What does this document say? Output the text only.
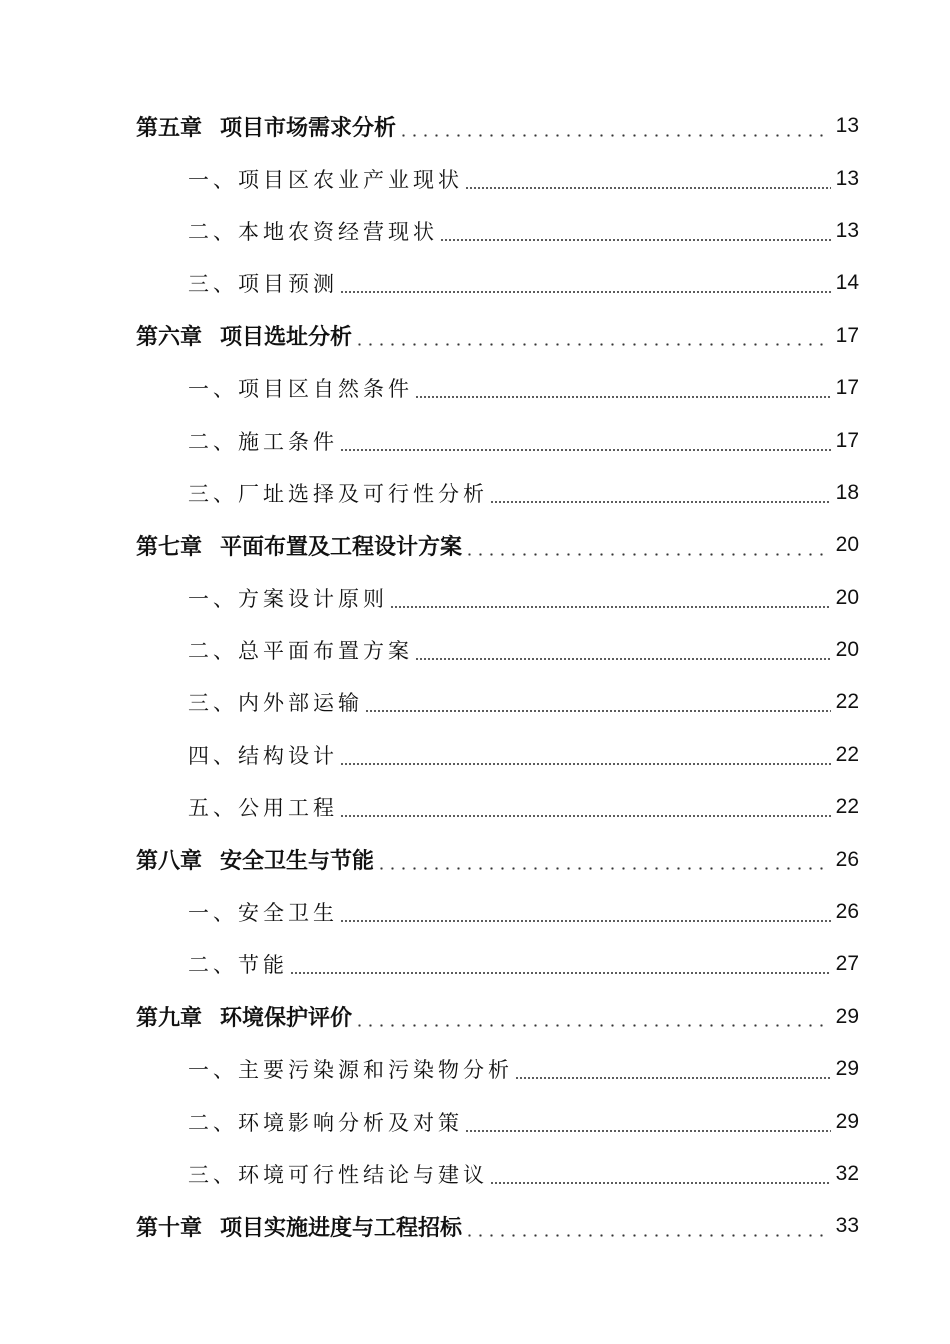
第五章 项目市场需求分析	13
一、项目区农业产业现状	13
二、本地农资经营现状	13
三、项目预测	14
第六章 项目选址分析	17
一、项目区自然条件	17
二、施工条件	17
三、厂址选择及可行性分析	18
第七章 平面布置及工程设计方案	20
一、方案设计原则	20
二、总平面布置方案	20
三、内外部运输	22
四、结构设计	22
五、公用工程	22
第八章 安全卫生与节能	26
一、安全卫生	26
二、节能	27
第九章 环境保护评价	29
一、主要污染源和污染物分析	29
二、环境影响分析及对策	29
三、环境可行性结论与建议	32
第十章 项目实施进度与工程招标	33
